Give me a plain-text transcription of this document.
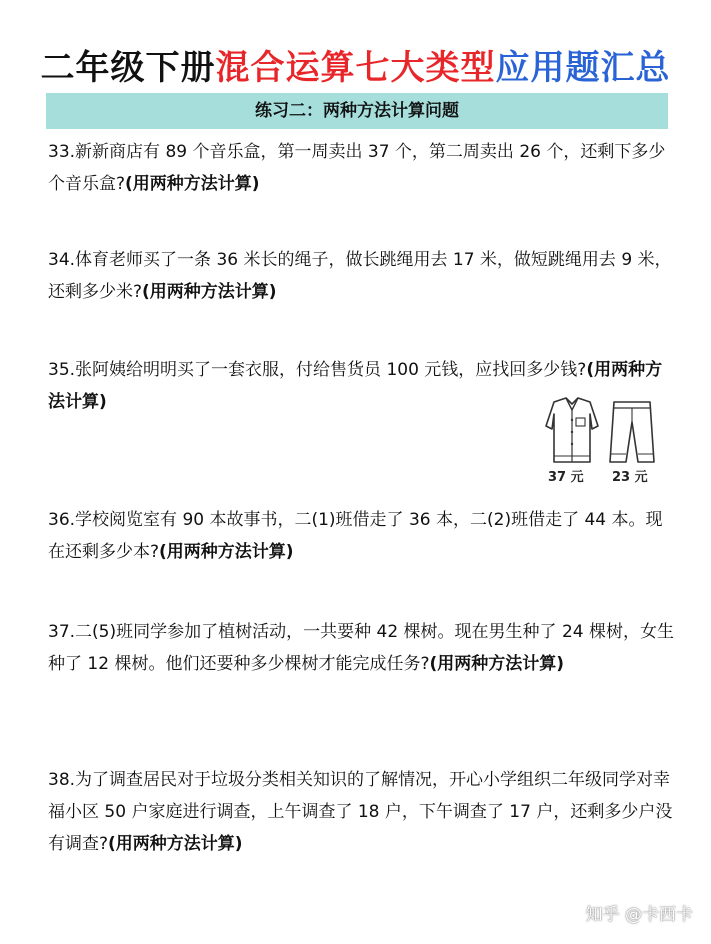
二年级下册混合运算七大类型应用题汇总
练习二：两种方法计算问题
33.新新商店有 89 个音乐盒，第一周卖出 37 个，第二周卖出 26 个，还剩下多少个音乐盒?(用两种方法计算)
34.体育老师买了一条 36 米长的绳子，做长跳绳用去 17 米，做短跳绳用去 9 米， 还剩多少米?(用两种方法计算)
35.张阿姨给明明买了一套衣服，付给售货员 100 元钱，应找回多少钱?(用两种方法计算)
37 元 23 元
36.学校阅览室有 90 本故事书，二(1)班借走了 36 本，二(2)班借走了 44 本。现在还剩多少本?(用两种方法计算)
37.二(5)班同学参加了植树活动，一共要种 42 棵树。现在男生种了 24 棵树，女生种了 12 棵树。他们还要种多少棵树才能完成任务?(用两种方法计算)
38.为了调查居民对于垃圾分类相关知识的了解情况，开心小学组织二年级同学对幸福小区 50 户家庭进行调查，上午调查了 18 户，下午调查了 17 户，还剩多少户没有调查?(用两种方法计算)
知乎 @卡西卡
